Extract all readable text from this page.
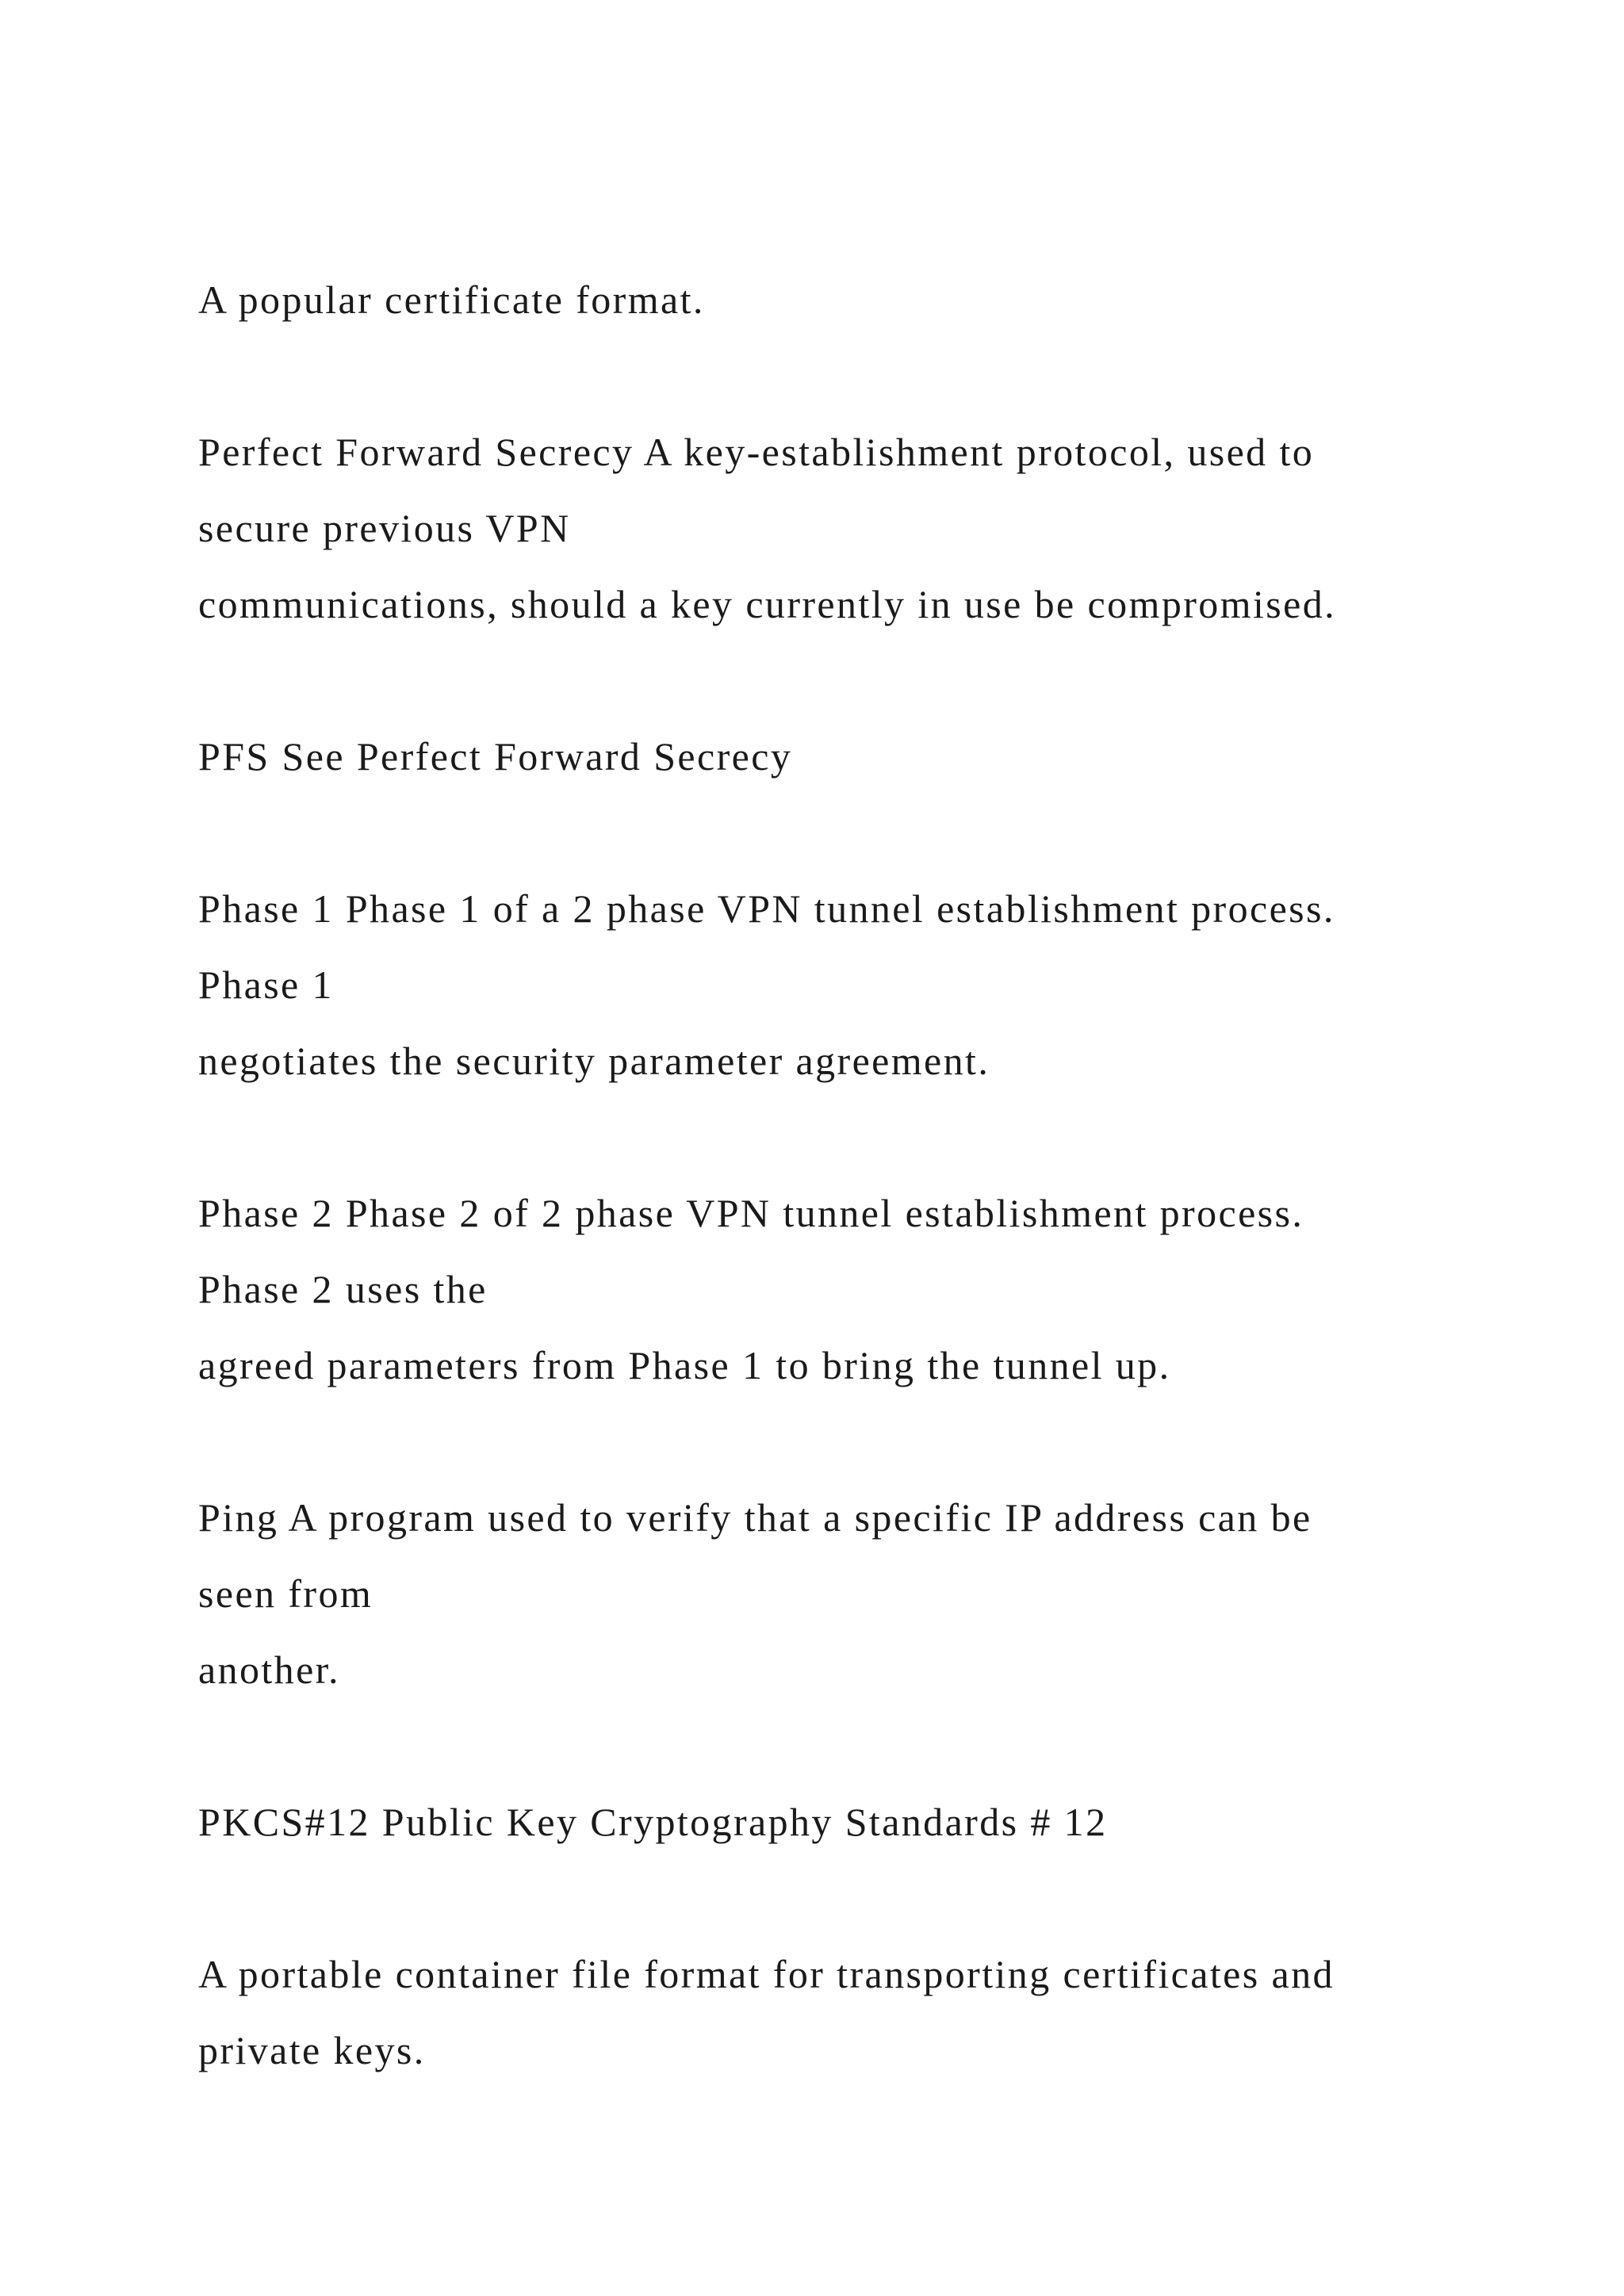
A popular certificate format.

Perfect Forward Secrecy A key-establishment protocol, used to
secure previous VPN
communications, should a key currently in use be compromised.

PFS See Perfect Forward Secrecy

Phase 1 Phase 1 of a 2 phase VPN tunnel establishment process.
Phase 1
negotiates the security parameter agreement.

Phase 2 Phase 2 of 2 phase VPN tunnel establishment process.
Phase 2 uses the
agreed parameters from Phase 1 to bring the tunnel up.

Ping A program used to verify that a specific IP address can be
seen from
another.

PKCS#12 Public Key Cryptography Standards # 12

A portable container file format for transporting certificates and
private keys.
